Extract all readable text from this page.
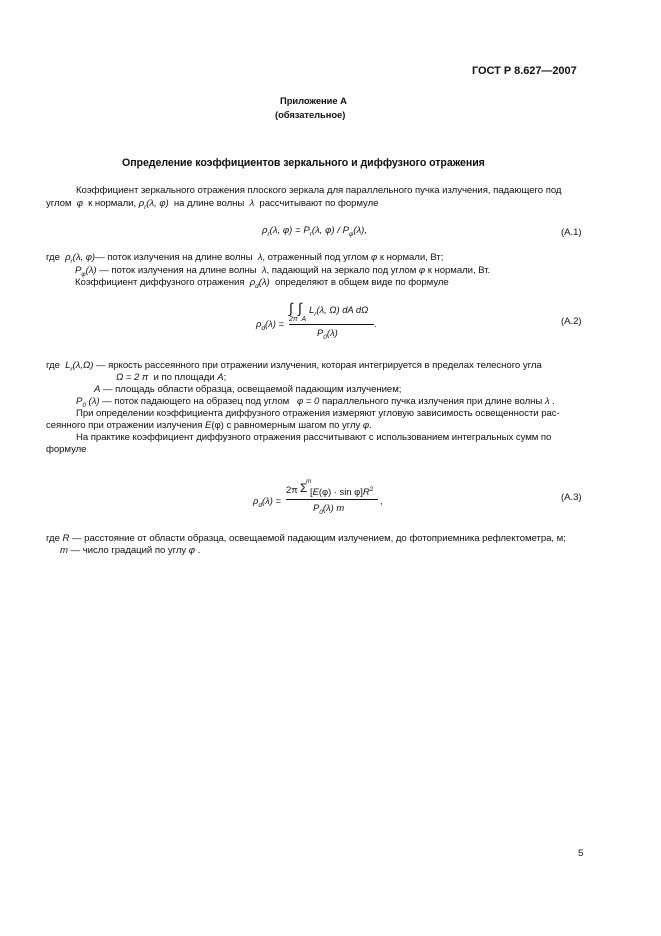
ГОСТ Р 8.627—2007
Приложение А
(обязательное)
Определение коэффициентов зеркального и диффузного отражения
Коэффициент зеркального отражения плоского зеркала для параллельного пучка излучения, падающего под
углом φ к нормали, $\rho_r(\lambda$, φ) на длине волны λ рассчитывают по формуле
$\rho_r(\lambda$, $\varphi) = P_r(\lambda$, $\varphi) / P_\varphi(\lambda)$,	(А.1)
где $\rho_r(\lambda$, φ)— поток излучения на длине волны λ, отраженный под углом φ к нормали, Вт;
$P_\varphi(\lambda)$ — поток излучения на длине волны λ, падающий на зеркало под углом φ к нормали, Вт.
Коэффициент диффузного отражения $\rho_d(\lambda)$ определяют в общем виде по формуле
$\rho_d(\lambda)$ =
∫ ∫ $L_r(\lambda$, Ω) dA dΩ
2π  A
$P_0(\lambda)$
.	(А.2)
где $L_r(\lambda,\Omega)$ — яркость рассеянного при отражении излучения, которая интегрируется в пределах телесного угла
Ω = 2 π и по площади A;
A — площадь области образца, освещаемой падающим излучением;
$P_0$ (λ) — поток падающего на образец под углом φ = 0 параллельного пучка излучения при длине волны λ .
При определении коэффициента диффузного отражения измеряют угловую зависимость освещенности рас-
сеянного при отражении излучения E(φ) с равномерным шагом по углу φ.
На практике коэффициент диффузного отражения рассчитывают с использованием интегральных сумм по
формуле
$\rho_d(\lambda)$ =
m
2π Σ $[E(\varphi) \cdot \sin \varphi]R^2$
$P_0(\lambda)$ m
,	(А.3)
где R — расстояние от области образца, освещаемой падающим излучением, до фотоприемника рефлектометра, м;
m — число градаций по углу φ .
5
